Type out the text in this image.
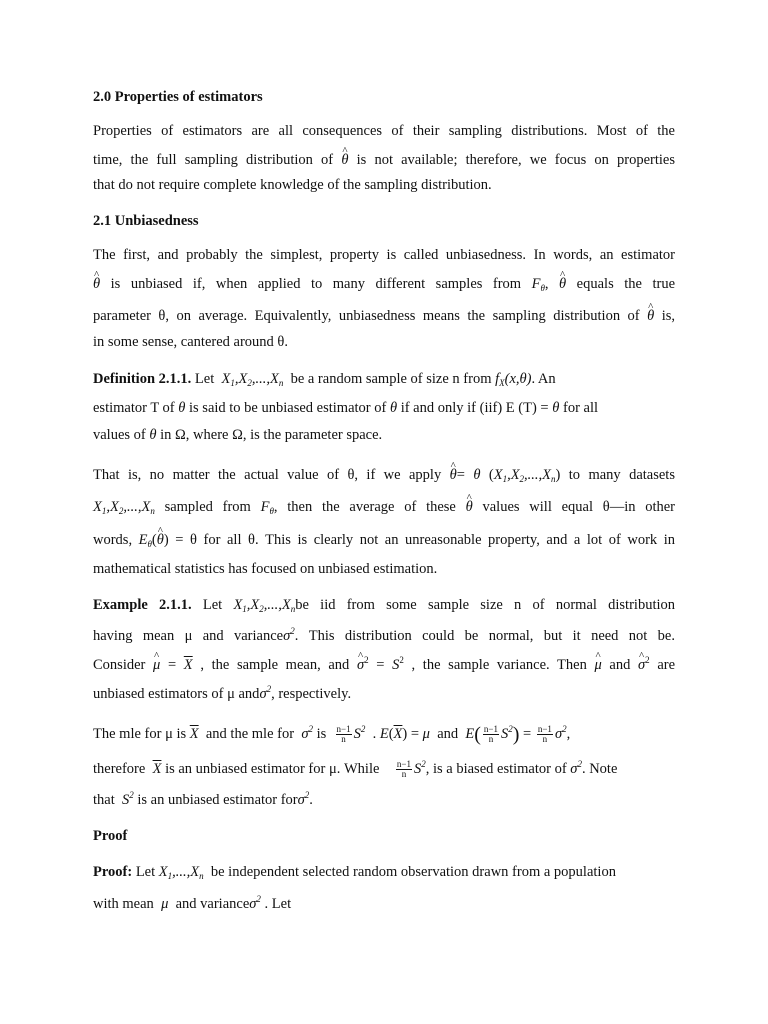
2.0 Properties of estimators
Properties of estimators are all consequences of their sampling distributions. Most of the
time, the full sampling distribution of ^ θ is not available; therefore, we focus on properties
that do not require complete knowledge of the sampling distribution.
2.1 Unbiasedness
The first, and probably the simplest, property is called unbiasedness. In words, an estimator
^ θ is unbiased if, when applied to many different samples from $F_\theta$, ^ θ equals the true
parameter θ, on average. Equivalently, unbiasedness means the sampling distribution of ^ θ is,
in some sense, cantered around θ.
Definition 2.1.1. Let  $X_1,X_2,...,X_n$ be a random sample of size n from $f_X(x,\theta)$. An
estimator T of θ is said to be unbiased estimator of θ if and only if (iif) E (T) = θ for all
values of θ in Ω, where Ω, is the parameter space.
That is, no matter the actual value of θ, if we apply ^ θ= θ $(X_1,X_2,...,X_n)$ to many datasets
$X_1,X_2,...,X_n$ sampled from $F_\theta$, then the average of these ^ θ values will equal θ—in other
words, $E_\theta(\^{}$ θ) = θ for all θ. This is clearly not an unreasonable property, and a lot of work in
mathematical statistics has focused on unbiased estimation.
Example 2.1.1. Let $X_1,X_2,...,X_nbe$ iid from some sample size n of normal distribution
having mean μ and varianceσ$^2$. This distribution could be normal, but it need not be.
Consider ^ $\mu = \overline{X}$ , the sample mean, and ^ $\sigma^2 = S^2$ , the sample variance. Then ^ μ and ^ $\sigma^2$ are
unbiased estimators of μ andσ$^2$, respectively.
The mle for μ is $\overline{X}$ and the mle for $\sigma^2$ is $\frac{n-1}{n} S^2$  . $E(\overline{X}) = \mu$ and $E( \frac{n-1}{n} S^2) = \frac{n-1}{n} \sigma^2$,
therefore $\overline{X}$ is an unbiased estimator for μ. While $\frac{n-1}{n} S^2$, is a biased estimator of $\sigma^2$. Note
that $S^2$ is an unbiased estimator forσ$^2$.
Proof
Proof: Let $X_1,...,X_n$ be independent selected random observation drawn from a population
with mean μ and varianceσ$^2$ . Let
